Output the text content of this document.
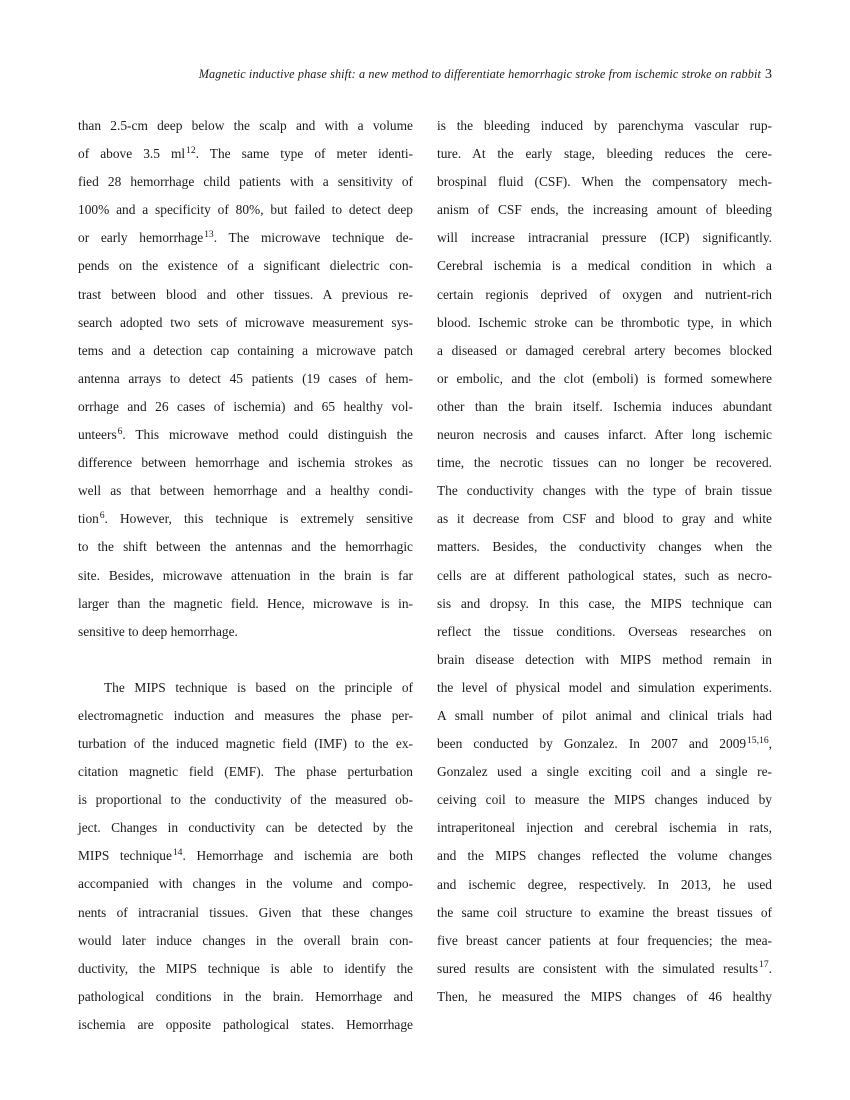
Magnetic inductive phase shift: a new method to differentiate hemorrhagic stroke from ischemic stroke on rabbit 3

than 2.5-cm deep below the scalp and with a volume
of above 3.5 $ml^{12}$. The same type of meter identi-
fied 28 hemorrhage child patients with a sensitivity of
100% and a specificity of 80%, but failed to detect deep
or early hemorrhage$^{13}$. The microwave technique de-
pends on the existence of a significant dielectric con-
trast between blood and other tissues. A previous re-
search adopted two sets of microwave measurement sys-
tems and a detection cap containing a microwave patch
antenna arrays to detect 45 patients (19 cases of hem-
orrhage and 26 cases of ischemia) and 65 healthy vol-
unteers$^6$. This microwave method could distinguish the
difference between hemorrhage and ischemia strokes as
well as that between hemorrhage and a healthy condi-
tion$^6$. However, this technique is extremely sensitive
to the shift between the antennas and the hemorrhagic
site. Besides, microwave attenuation in the brain is far
larger than the magnetic field. Hence, microwave is in-
sensitive to deep hemorrhage.

The MIPS technique is based on the principle of
electromagnetic induction and measures the phase per-
turbation of the induced magnetic field (IMF) to the ex-
citation magnetic field (EMF). The phase perturbation
is proportional to the conductivity of the measured ob-
ject. Changes in conductivity can be detected by the
MIPS technique$^{14}$. Hemorrhage and ischemia are both
accompanied with changes in the volume and compo-
nents of intracranial tissues. Given that these changes
would later induce changes in the overall brain con-
ductivity, the MIPS technique is able to identify the
pathological conditions in the brain. Hemorrhage and
ischemia are opposite pathological states. Hemorrhage

is the bleeding induced by parenchyma vascular rup-
ture. At the early stage, bleeding reduces the cere-
brospinal fluid (CSF). When the compensatory mech-
anism of CSF ends, the increasing amount of bleeding
will increase intracranial pressure (ICP) significantly.
Cerebral ischemia is a medical condition in which a
certain regionis deprived of oxygen and nutrient-rich
blood. Ischemic stroke can be thrombotic type, in which
a diseased or damaged cerebral artery becomes blocked
or embolic, and the clot (emboli) is formed somewhere
other than the brain itself. Ischemia induces abundant
neuron necrosis and causes infarct. After long ischemic
time, the necrotic tissues can no longer be recovered.
The conductivity changes with the type of brain tissue
as it decrease from CSF and blood to gray and white
matters. Besides, the conductivity changes when the
cells are at different pathological states, such as necro-
sis and dropsy. In this case, the MIPS technique can
reflect the tissue conditions. Overseas researches on
brain disease detection with MIPS method remain in
the level of physical model and simulation experiments.
A small number of pilot animal and clinical trials had
been conducted by Gonzalez. In 2007 and 2009$^{15,16}$,
Gonzalez used a single exciting coil and a single re-
ceiving coil to measure the MIPS changes induced by
intraperitoneal injection and cerebral ischemia in rats,
and the MIPS changes reflected the volume changes
and ischemic degree, respectively. In 2013, he used
the same coil structure to examine the breast tissues of
five breast cancer patients at four frequencies; the mea-
sured results are consistent with the simulated results$^{17}$.
Then, he measured the MIPS changes of 46 healthy
